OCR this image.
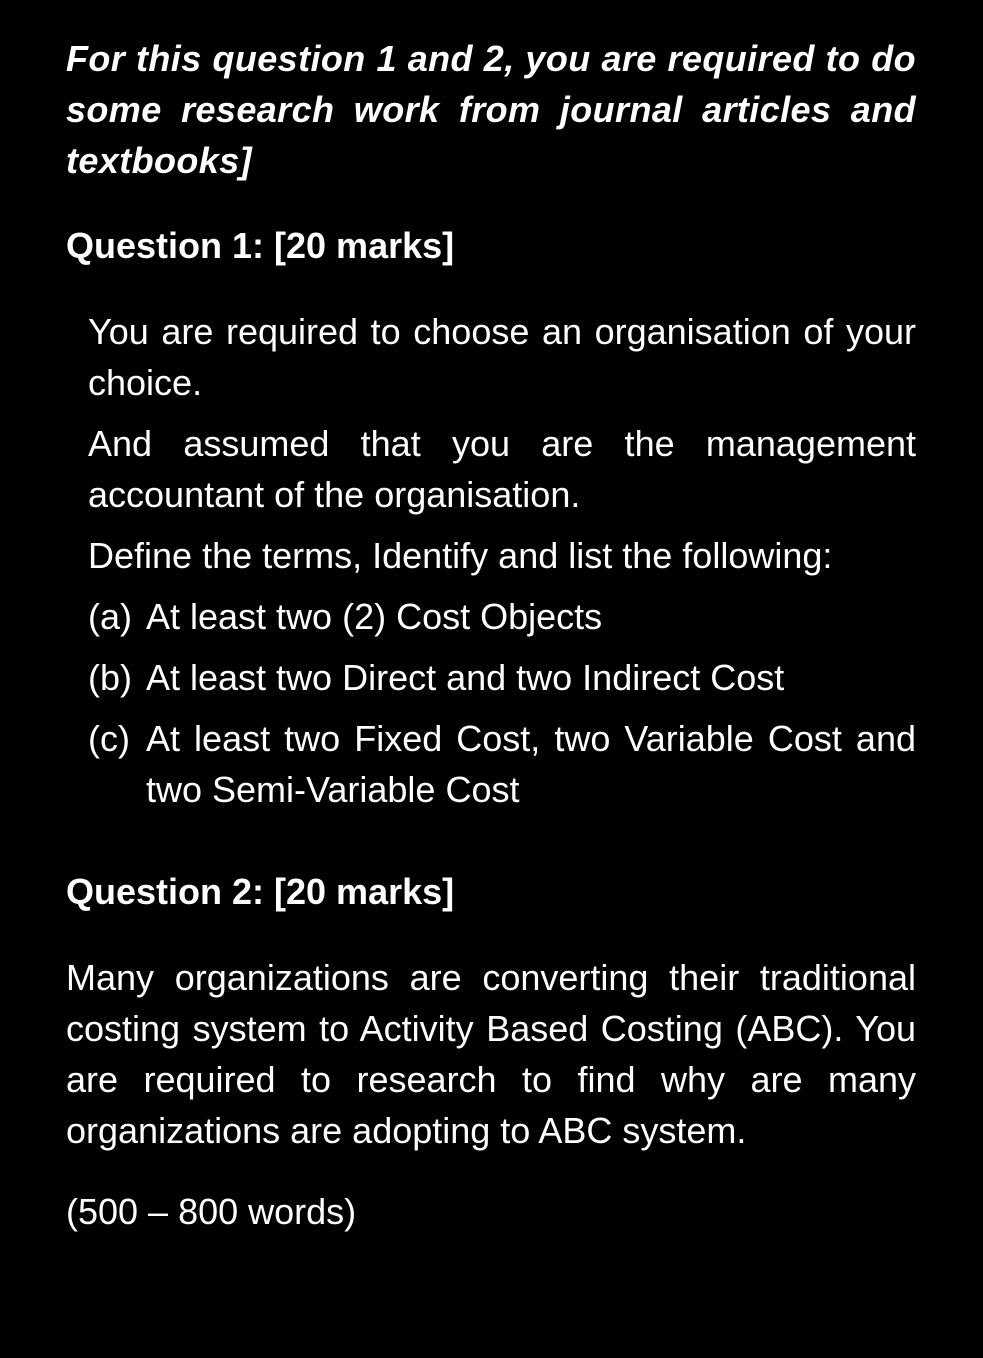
For this question 1 and 2, you are required to do some research work from journal articles and textbooks]

Question 1: [20 marks]

You are required to choose an organisation of your choice.

And assumed that you are the management accountant of the organisation.

Define the terms, Identify and list the following:

(a) At least two (2) Cost Objects
(b) At least two Direct and two Indirect Cost
(c) At least two Fixed Cost, two Variable Cost and two Semi-Variable Cost
Question 2: [20 marks]

Many organizations are converting their traditional costing system to Activity Based Costing (ABC). You are required to research to find why are many organizations are adopting to ABC system.

(500 – 800 words)
